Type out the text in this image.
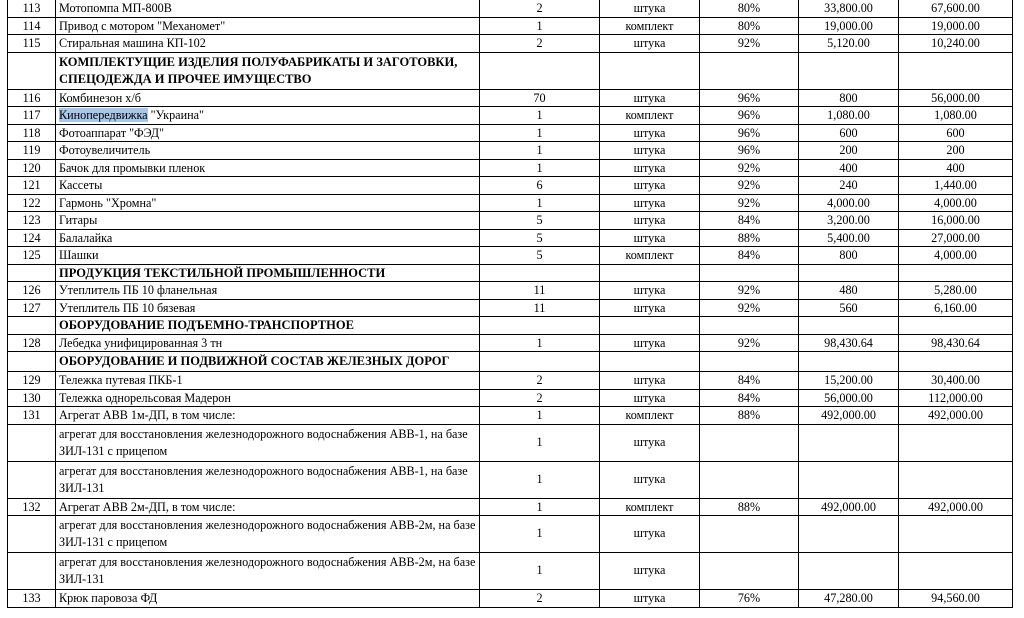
113	Мотопомпа МП-800В	2	штука	80%	33,800.00	67,600.00
114	Привод с мотором "Механомет"	1	комплект	80%	19,000.00	19,000.00
115	Стиральная машина КП-102	2	штука	92%	5,120.00	10,240.00
	КОМПЛЕКТУЩИЕ ИЗДЕЛИЯ ПОЛУФАБРИКАТЫ И ЗАГОТОВКИ, СПЕЦОДЕЖДА И ПРОЧЕЕ ИМУЩЕСТВО					
116	Комбинезон х/б	70	штука	96%	800	56,000.00
117	Кинопередвижка "Украина"	1	комплект	96%	1,080.00	1,080.00
118	Фотоаппарат "ФЭД"	1	штука	96%	600	600
119	Фотоувеличитель	1	штука	96%	200	200
120	Бачок для промывки пленок	1	штука	92%	400	400
121	Кассеты	6	штука	92%	240	1,440.00
122	Гармонь "Хромна"	1	штука	92%	4,000.00	4,000.00
123	Гитары	5	штука	84%	3,200.00	16,000.00
124	Балалайка	5	штука	88%	5,400.00	27,000.00
125	Шашки	5	комплект	84%	800	4,000.00
	ПРОДУКЦИЯ ТЕКСТИЛЬНОЙ ПРОМЫШЛЕННОСТИ					
126	Утеплитель ПБ 10 фланельная	11	штука	92%	480	5,280.00
127	Утеплитель ПБ 10 бязевая	11	штука	92%	560	6,160.00
	ОБОРУДОВАНИЕ ПОДЪЕМНО-ТРАНСПОРТНОЕ					
128	Лебедка унифицированная 3 тн	1	штука	92%	98,430.64	98,430.64
	ОБОРУДОВАНИЕ И ПОДВИЖНОЙ СОСТАВ ЖЕЛЕЗНЫХ ДОРОГ					
129	Тележка путевая ПКБ-1	2	штука	84%	15,200.00	30,400.00
130	Тележка однорельсовая Мадерон	2	штука	84%	56,000.00	112,000.00
131	Агрегат АВВ 1м-ДП, в том числе:	1	комплект	88%	492,000.00	492,000.00
	агрегат для восстановления железнодорожного водоснабжения АВВ-1, на базе ЗИЛ-131 с прицепом	1	штука			
	агрегат для восстановления железнодорожного водоснабжения АВВ-1, на базе ЗИЛ-131	1	штука			
132	Агрегат АВВ 2м-ДП, в том числе:	1	комплект	88%	492,000.00	492,000.00
	агрегат для восстановления железнодорожного водоснабжения АВВ-2м, на базе ЗИЛ-131 с прицепом	1	штука			
	агрегат для восстановления железнодорожного водоснабжения АВВ-2м, на базе ЗИЛ-131	1	штука			
133	Крюк паровоза ФД	2	штука	76%	47,280.00	94,560.00
